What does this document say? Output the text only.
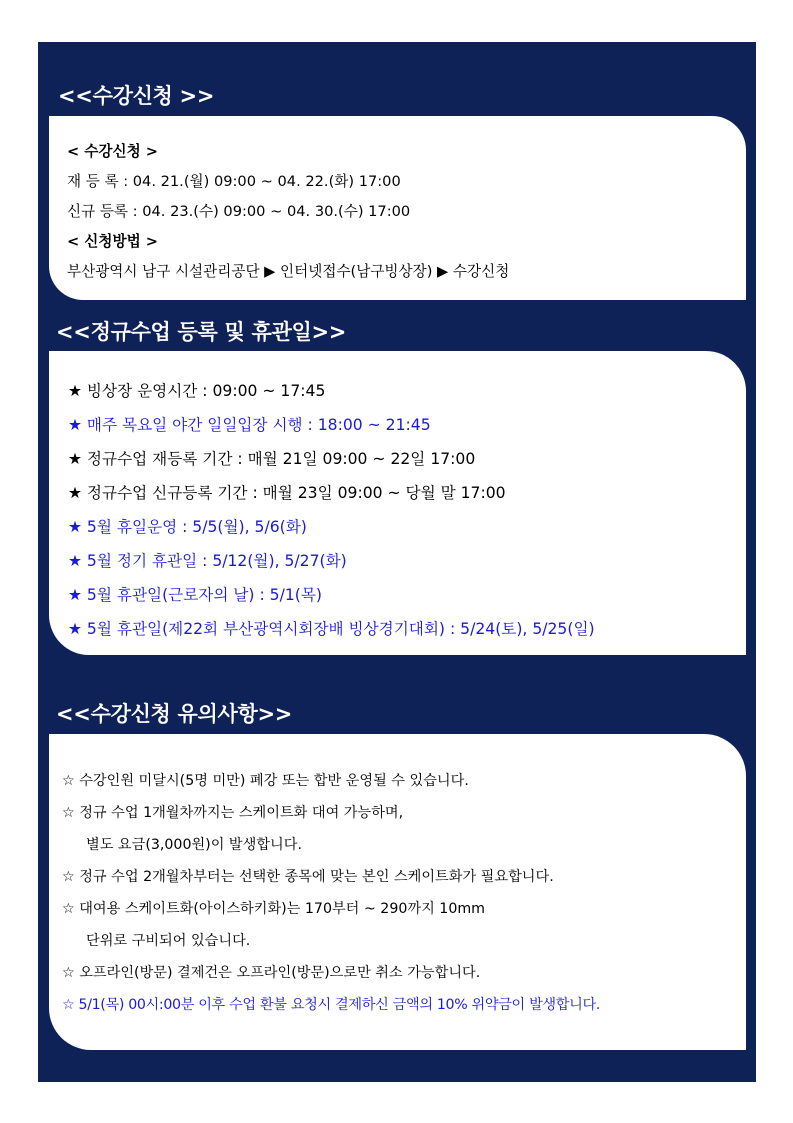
<<수강신청 >>
< 수강신청 >
재 등 록 : 04. 21.(월) 09:00 ~ 04. 22.(화) 17:00
신규 등록 : 04. 23.(수) 09:00 ~ 04. 30.(수) 17:00
< 신청방법 >
부산광역시 남구 시설관리공단 ▶ 인터넷접수(남구빙상장) ▶ 수강신청
<<정규수업 등록 및 휴관일>>
★ 빙상장 운영시간 : 09:00 ~ 17:45
★ 매주 목요일 야간 일일입장 시행 : 18:00 ~ 21:45
★ 정규수업 재등록 기간 : 매월 21일 09:00 ~ 22일 17:00
★ 정규수업 신규등록 기간 : 매월 23일 09:00 ~ 당월 말 17:00
★ 5월 휴일운영 : 5/5(월), 5/6(화)
★ 5월 정기 휴관일 : 5/12(월), 5/27(화)
★ 5월 휴관일(근로자의 날) : 5/1(목)
★ 5월 휴관일(제22회 부산광역시회장배 빙상경기대회) : 5/24(토), 5/25(일)
<<수강신청 유의사항>>
☆ 수강인원 미달시(5명 미만) 폐강 또는 합반 운영될 수 있습니다.
☆ 정규 수업 1개월차까지는 스케이트화 대여 가능하며,
별도 요금(3,000원)이 발생합니다.
☆ 정규 수업 2개월차부터는 선택한 종목에 맞는 본인 스케이트화가 필요합니다.
☆ 대여용 스케이트화(아이스하키화)는 170부터 ~ 290까지 10mm
단위로 구비되어 있습니다.
☆ 오프라인(방문) 결제건은 오프라인(방문)으로만 취소 가능합니다.
☆ 5/1(목) 00시:00분 이후 수업 환불 요청시 결제하신 금액의 10% 위약금이 발생합니다.
